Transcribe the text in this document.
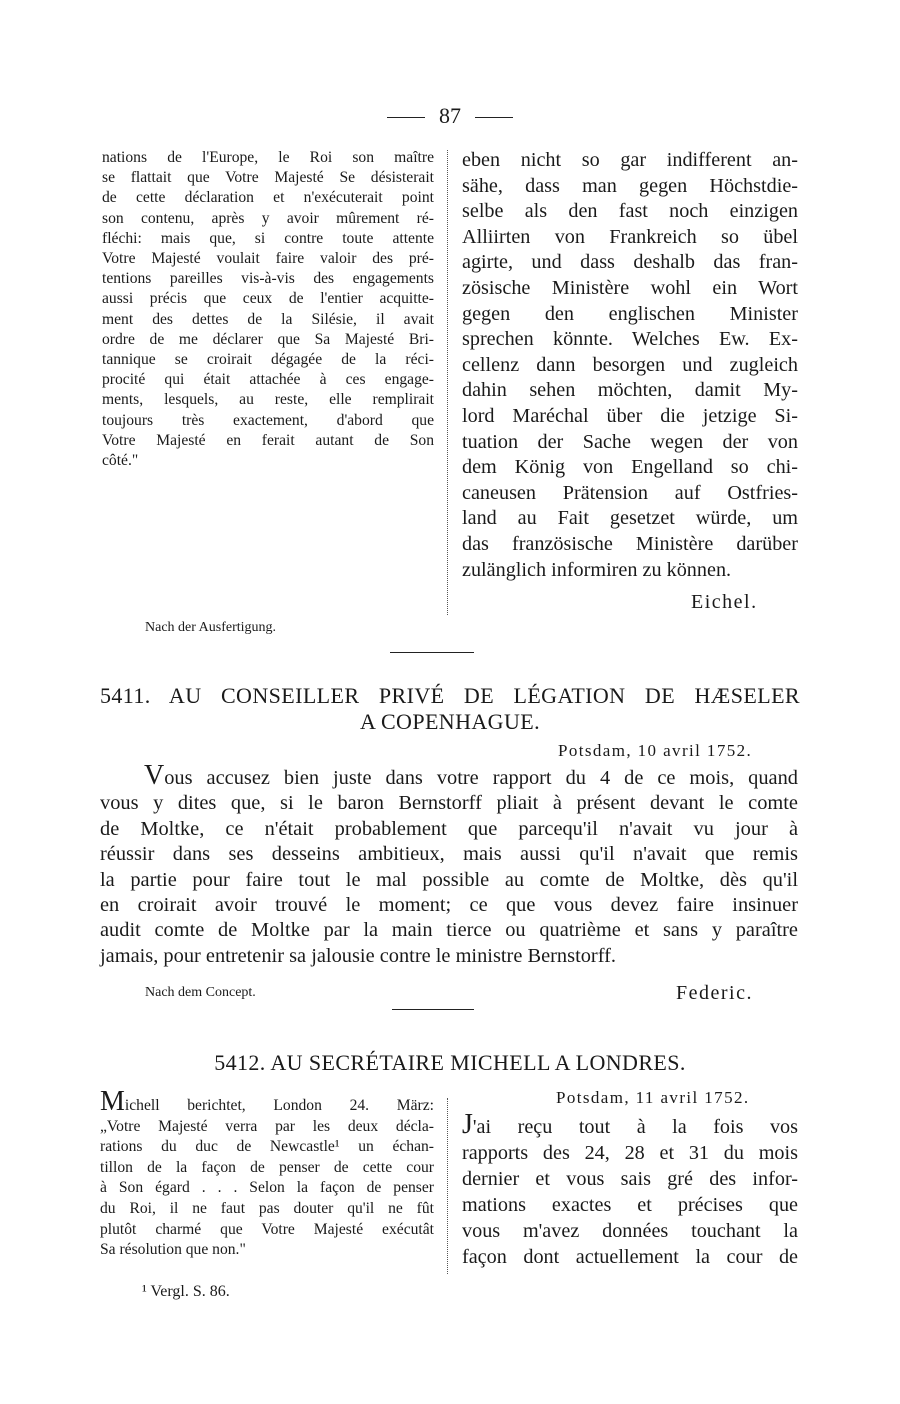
87
nations de l'Europe, le Roi son maître
se flattait que Votre Majesté Se désisterait
de cette déclaration et n'exécuterait point
son contenu, après y avoir mûrement ré-
fléchi: mais que, si contre toute attente
Votre Majesté voulait faire valoir des pré-
tentions pareilles vis-à-vis des engagements
aussi précis que ceux de l'entier acquitte-
ment des dettes de la Silésie, il avait
ordre de me déclarer que Sa Majesté Bri-
tannique se croirait dégagée de la réci-
procité qui était attachée à ces engage-
ments, lesquels, au reste, elle remplirait
toujours très exactement, d'abord que
Votre Majesté en ferait autant de Son
côté."
eben nicht so gar indifferent an-
sähe, dass man gegen Höchstdie-
selbe als den fast noch einzigen
Alliirten von Frankreich so übel
agirte, und dass deshalb das fran-
zösische Ministère wohl ein Wort
gegen den englischen Minister
sprechen könnte. Welches Ew. Ex-
cellenz dann besorgen und zugleich
dahin sehen möchten, damit My-
lord Maréchal über die jetzige Si-
tuation der Sache wegen der von
dem König von Engelland so chi-
caneusen Prätension auf Ostfries-
land au Fait gesetzet würde, um
das französische Ministère darüber
zulänglich informiren zu können.
Eichel.
Nach der Ausfertigung.
5411. AU CONSEILLER PRIVÉ DE LÉGATION DE HÆSELER
A COPENHAGUE.
Potsdam, 10 avril 1752.
Vous accusez bien juste dans votre rapport du 4 de ce mois, quand
vous y dites que, si le baron Bernstorff pliait à présent devant le comte
de Moltke, ce n'était probablement que parcequ'il n'avait vu jour à
réussir dans ses desseins ambitieux, mais aussi qu'il n'avait que remis
la partie pour faire tout le mal possible au comte de Moltke, dès qu'il
en croirait avoir trouvé le moment; ce que vous devez faire insinuer
audit comte de Moltke par la main tierce ou quatrième et sans y paraître
jamais, pour entretenir sa jalousie contre le ministre Bernstorff.
Nach dem Concept.	Federic.
5412. AU SECRÉTAIRE MICHELL A LONDRES.
Potsdam, 11 avril 1752.
Michell berichtet, London 24. März:
„Votre Majesté verra par les deux décla-
rations du duc de Newcastle¹ un échan-
tillon de la façon de penser de cette cour
à Son égard . . . Selon la façon de penser
du Roi, il ne faut pas douter qu'il ne fût
plutôt charmé que Votre Majesté exécutât
Sa résolution que non."
J'ai reçu tout à la fois vos
rapports des 24, 28 et 31 du mois
dernier et vous sais gré des infor-
mations exactes et précises que
vous m'avez données touchant la
façon dont actuellement la cour de
¹ Vergl. S. 86.
